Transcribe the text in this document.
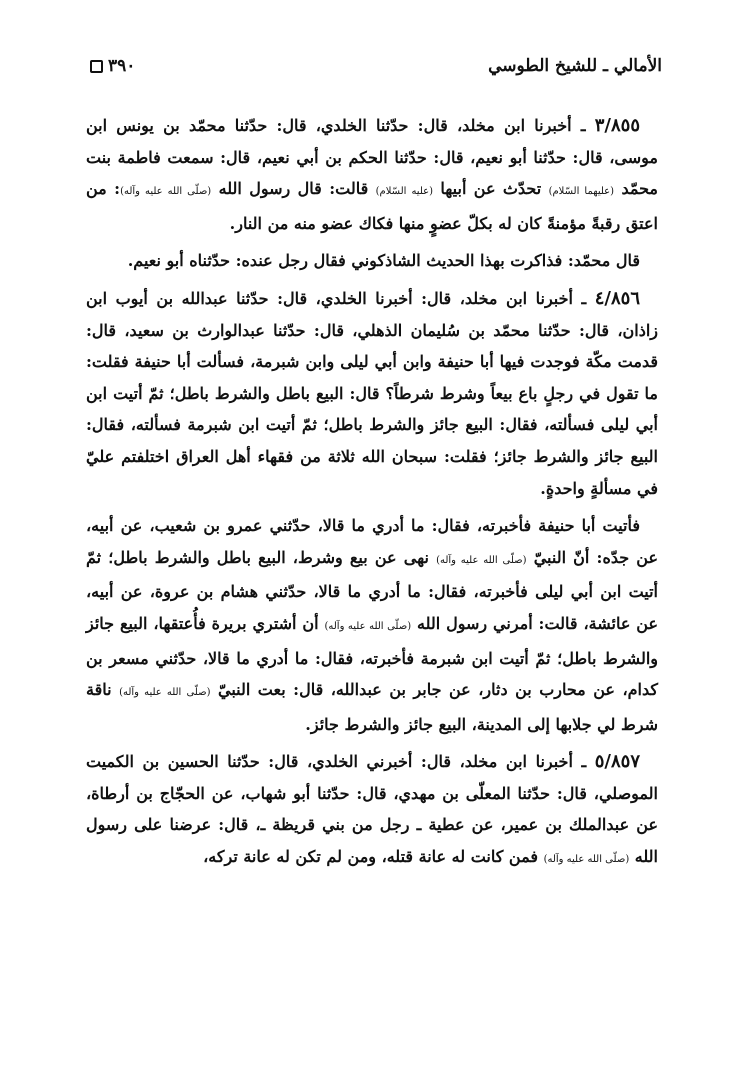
الأمالي ـ للشيخ الطوسي
٣٩٠

٣/٨٥٥ ـ أخبرنا ابن مخلد، قال: حدّثنا الخلدي، قال: حدّثنا محمّد بن يونس ابن موسى، قال: حدّثنا أبو نعيم، قال: حدّثنا الحكم بن أبي نعيم، قال: سمعت فاطمة بنت محمّد (عليهما السّلام) تحدّث عن أبيها (عليه السّلام) قالت: قال رسول الله (صلّى الله عليه وآله): من اعتق رقبةً مؤمنةً كان له بكلّ عضوٍ منها فكاك عضو منه من النار.

قال محمّد: فذاكرت بهذا الحديث الشاذكوني فقال رجل عنده: حدّثناه أبو نعيم.

٤/٨٥٦ ـ أخبرنا ابن مخلد، قال: أخبرنا الخلدي، قال: حدّثنا عبدالله بن أيوب ابن زاذان، قال: حدّثنا محمّد بن سُليمان الذهلي، قال: حدّثنا عبدالوارث بن سعيد، قال: قدمت مكّة فوجدت فيها أبا حنيفة وابن أبي ليلى وابن شبرمة، فسألت أبا حنيفة فقلت: ما تقول في رجلٍ باع بيعاً وشرط شرطاً؟ قال: البيع باطل والشرط باطل؛ ثمّ أتيت ابن أبي ليلى فسألته، فقال: البيع جائز والشرط باطل؛ ثمّ أتيت ابن شبرمة فسألته، فقال: البيع جائز والشرط جائز؛ فقلت: سبحان الله ثلاثة من فقهاء أهل العراق اختلفتم عليّ في مسألةٍ واحدةٍ.

فأتيت أبا حنيفة فأخبرته، فقال: ما أدري ما قالا، حدّثني عمرو بن شعيب، عن أبيه، عن جدّه: أنّ النبيّ (صلّى الله عليه وآله) نهى عن بيع وشرط، البيع باطل والشرط باطل؛ ثمّ أتيت ابن أبي ليلى فأخبرته، فقال: ما أدري ما قالا، حدّثني هشام بن عروة، عن أبيه، عن عائشة، قالت: أمرني رسول الله (صلّى الله عليه وآله) أن أشتري بريرة فأُعتقها، البيع جائز والشرط باطل؛ ثمّ أتيت ابن شبرمة فأخبرته، فقال: ما أدري ما قالا، حدّثني مسعر بن كدام، عن محارب بن دثار، عن جابر بن عبدالله، قال: بعت النبيّ (صلّى الله عليه وآله) ناقة شرط لي جلابها إلى المدينة، البيع جائز والشرط جائز.

٥/٨٥٧ ـ أخبرنا ابن مخلد، قال: أخبرني الخلدي، قال: حدّثنا الحسين بن الكميت الموصلي، قال: حدّثنا المعلّى بن مهدي، قال: حدّثنا أبو شهاب، عن الحجّاج بن أرطاة، عن عبدالملك بن عمير، عن عطية ـ رجل من بني قريظة ـ، قال: عرضنا على رسول الله (صلّى الله عليه وآله) فمن كانت له عانة قتله، ومن لم تكن له عانة تركه،
